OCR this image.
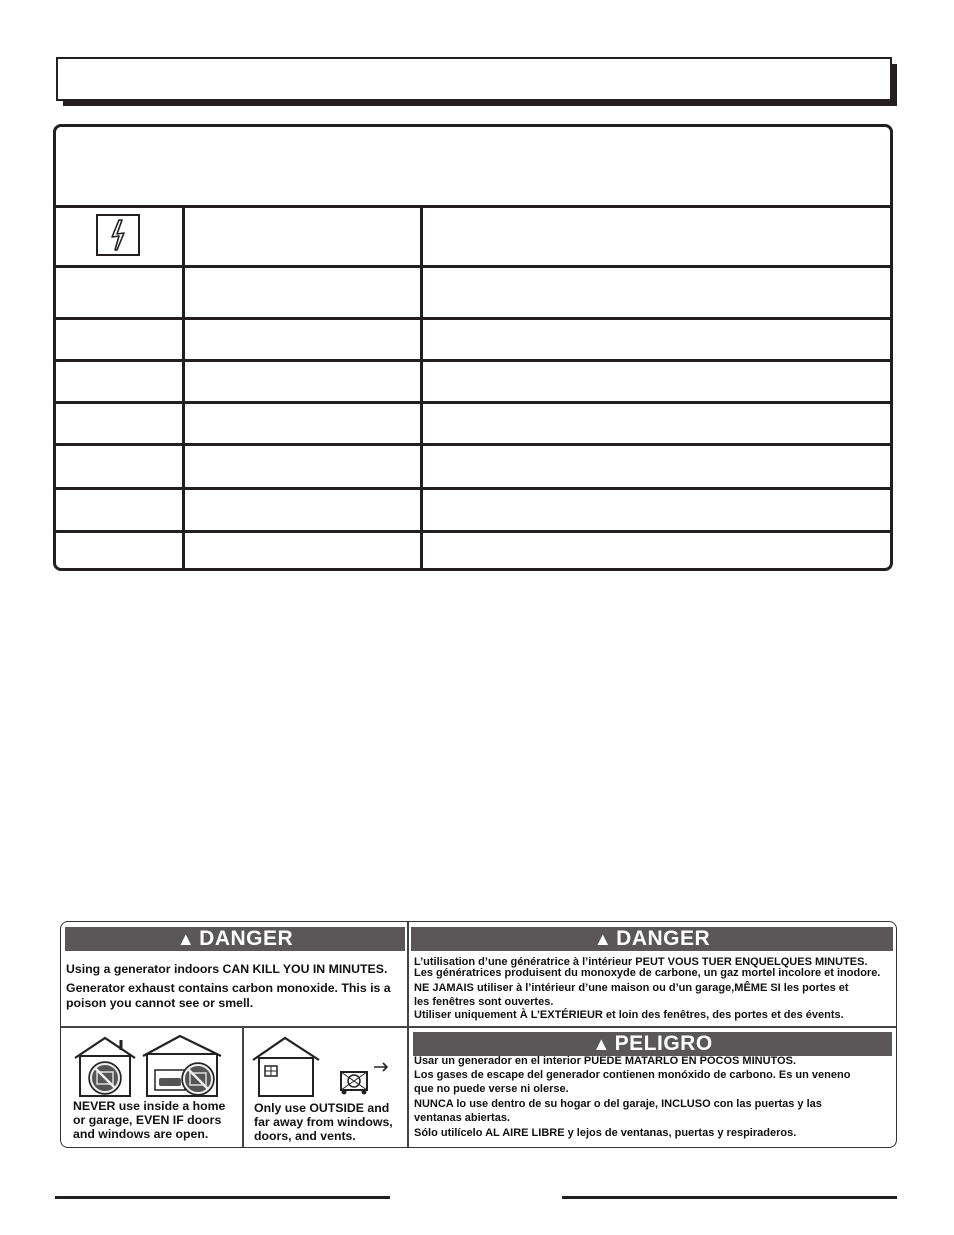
▲ DANGER
Using a generator indoors CAN KILL YOU IN MINUTES.
Generator exhaust contains carbon monoxide. This is a
poison you cannot see or smell.
NEVER use inside a home
or garage, EVEN IF doors
and windows are open.
Only use OUTSIDE and
far away from windows,
doors, and vents.
▲ DANGER
L’utilisation d’une génératrice à l’intérieur PEUT VOUS TUER ENQUELQUES MINUTES.
Les génératrices produisent du monoxyde de carbone, un gaz mortel incolore et inodore.
NE JAMAIS utiliser à l’intérieur d’une maison ou d’un garage,MÊME SI les portes et
les fenêtres sont ouvertes.
Utiliser uniquement À L’EXTÉRIEUR et loin des fenêtres, des portes et des évents.
▲ PELIGRO
Usar un generador en el interior PUEDE MATARLO EN POCOS MINUTOS.
Los gases de escape del generador contienen monóxido de carbono. Es un veneno
que no puede verse ni olerse.
NUNCA lo use dentro de su hogar o del garaje, INCLUSO con las puertas y las
ventanas abiertas.
Sólo utilícelo AL AIRE LIBRE y lejos de ventanas, puertas y respiraderos.
